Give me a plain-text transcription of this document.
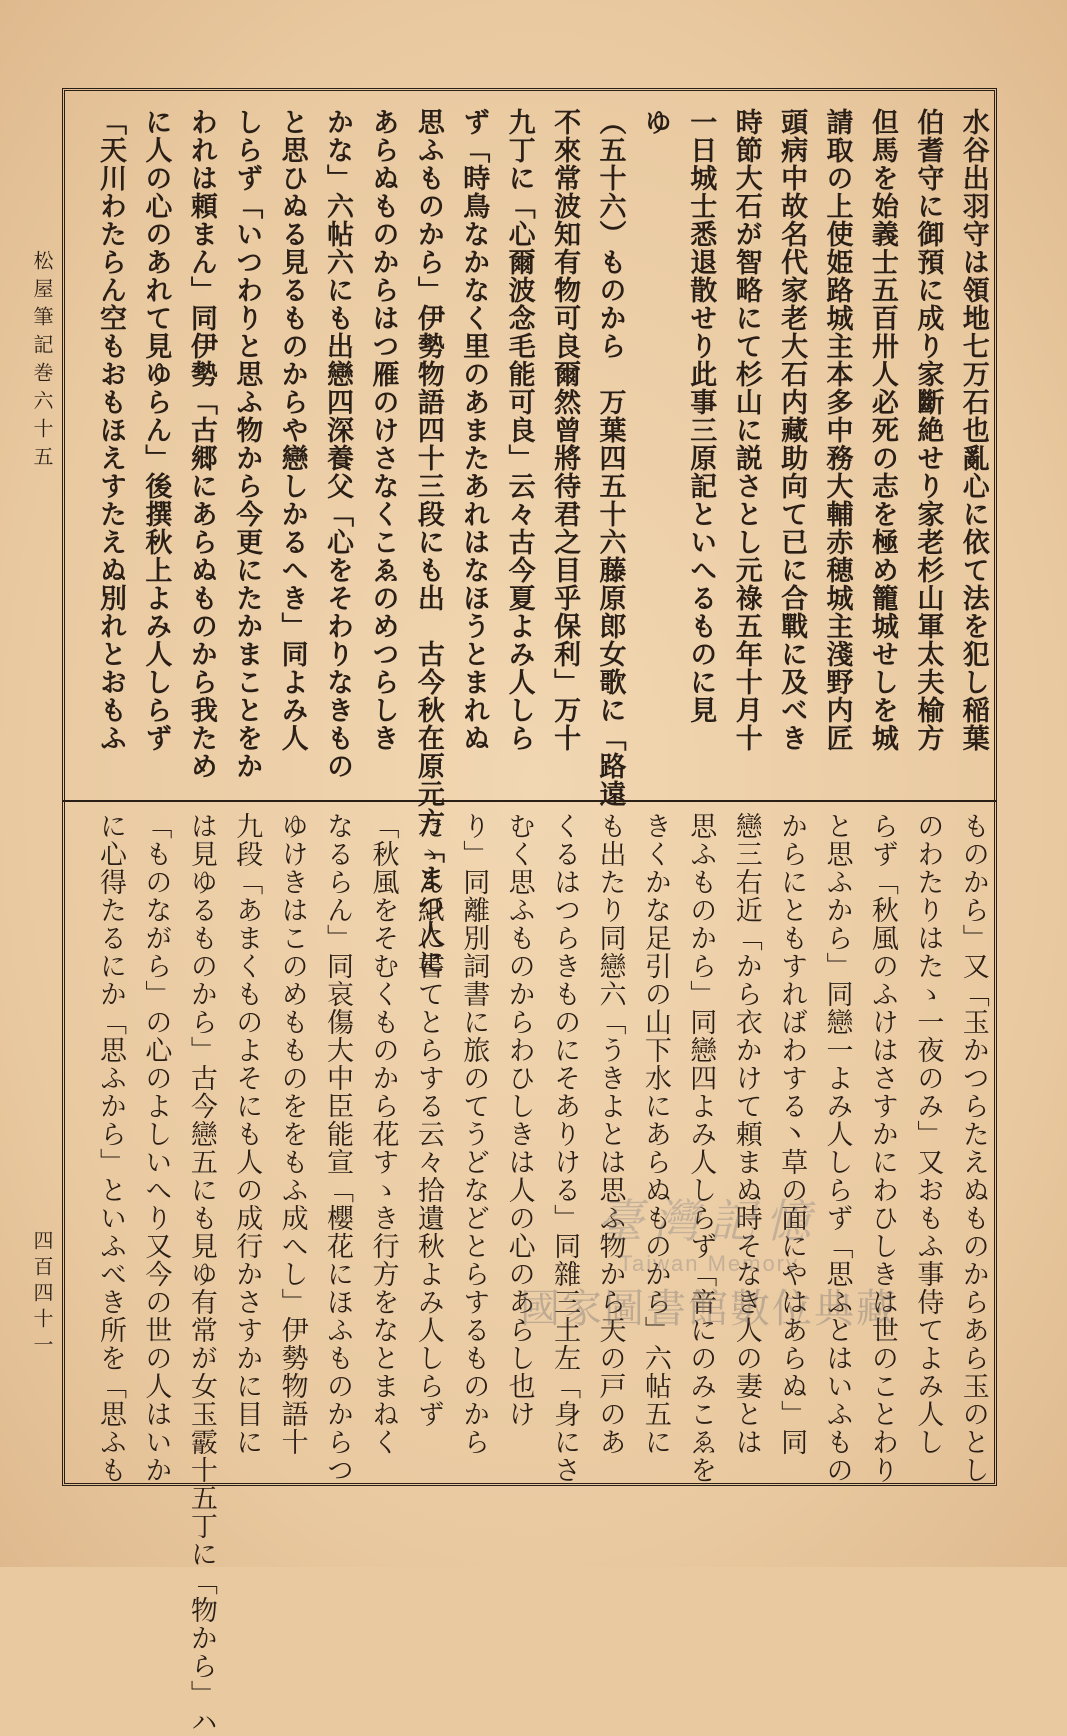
松屋筆記巻六十五
四百四十一
水谷出羽守は領地七万石也亂心に依て法を犯し稲葉
伯耆守に御預に成り家斷絶せり家老杉山軍太夫榆方
但馬を始義士五百卅人必死の志を極め籠城せしを城
請取の上使姫路城主本多中務大輔赤穂城主淺野内匠
頭病中故名代家老大石内藏助向て已に合戰に及べき
時節大石が智略にて杉山に説さとし元祿五年十月十
一日城士悉退散せり此事三原記といへるものに見
ゆ
（五十六）ものから　万葉四五十六藤原郎女歌に「路遠
不來常波知有物可良爾然曾將待君之目乎保利」万十
九丁に「心爾波念毛能可良」云々古今夏よみ人しら
ず「時鳥なかなく里のあまたあれはなほうとまれぬ
思ふものから」伊勢物語四十三段にも出　古今秋在原元方「まつ人に
あらぬものからはつ雁のけさなくこゑのめつらしき
かな」六帖六にも出戀四深養父「心をそわりなきもの
と思ひぬる見るものからや戀しかるへき」同よみ人
しらず「いつわりと思ふ物から今更にたかまことをか
われは頼まん」同伊勢「古郷にあらぬものから我ため
に人の心のあれて見ゆらん」後撰秋上よみ人しらず
「天川わたらん空もおもほえすたえぬ別れとおもふ
ものから」又「玉かつらたえぬものからあら玉のとし
のわたりはたゝ一夜のみ」又おもふ事侍てよみ人し
らず「秋風のふけはさすかにわひしきは世のことわり
と思ふから」同戀一よみ人しらず「思ふとはいふもの
からにともすればわする丶草の面にやはあらぬ」同
戀三右近「から衣かけて頼まぬ時そなき人の妻とは
思ふものから」同戀四よみ人しらず「音にのみこゑを
きくかな足引の山下水にあらぬものから」六帖五に
も出たり同戀六「うきよとは思ふ物から天の戸のあ
くるはつらきものにそありける」同雜三土左「身にさ
むく思ふものからわひしきは人の心のあらし也け
り」同離別詞書に旅のてうどなどとらするものから
たゝん紙に書てとらする云々拾遺秋よみ人しらず
「秋風をそむくものから花すゝき行方をなとまねく
なるらん」同哀傷大中臣能宣「櫻花にほふものからつ
ゆけきはこのめもものををもふ成へし」伊勢物語十
九段「あまくものよそにも人の成行かさすかに目に
は見ゆるものから」古今戀五にも見ゆ有常が女玉霰十五丁に「物から」ハ
「ものながら」の心のよしいへり又今の世の人はいか
に心得たるにか「思ふから」といふべき所を「思ふも	臺灣記憶
Taiwan Memory
國家圖書館數位典藏
